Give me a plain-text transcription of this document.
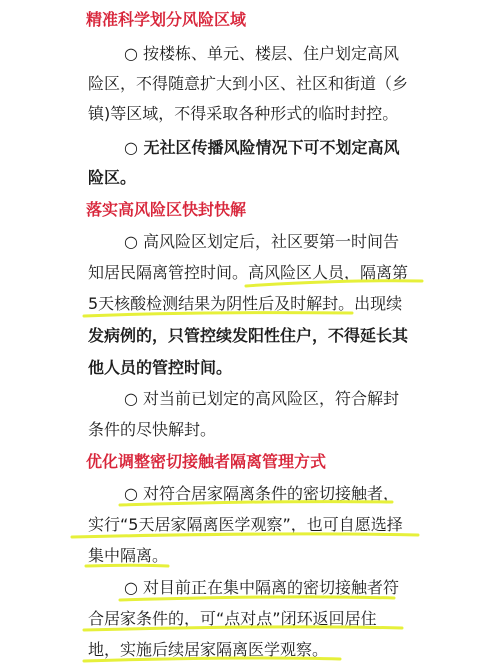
精准科学划分风险区域
○ 按楼栋、单元、楼层、住户划定高风
险区，不得随意扩大到小区、社区和街道（乡
镇)等区域，不得采取各种形式的临时封控。
○ 无社区传播风险情况下可不划定高风
险区。
落实高风险区快封快解
○ 高风险区划定后，社区要第一时间告
知居民隔离管控时间。高风险区人员，隔离第
5天核酸检测结果为阴性后及时解封。出现续
发病例的，只管控续发阳性住户，不得延长其
他人员的管控时间。
○ 对当前已划定的高风险区，符合解封
条件的尽快解封。
优化调整密切接触者隔离管理方式
○ 对符合居家隔离条件的密切接触者，
实行“5天居家隔离医学观察”，也可自愿选择
集中隔离。
○ 对目前正在集中隔离的密切接触者符
合居家条件的，可“点对点”闭环返回居住
地，实施后续居家隔离医学观察。
